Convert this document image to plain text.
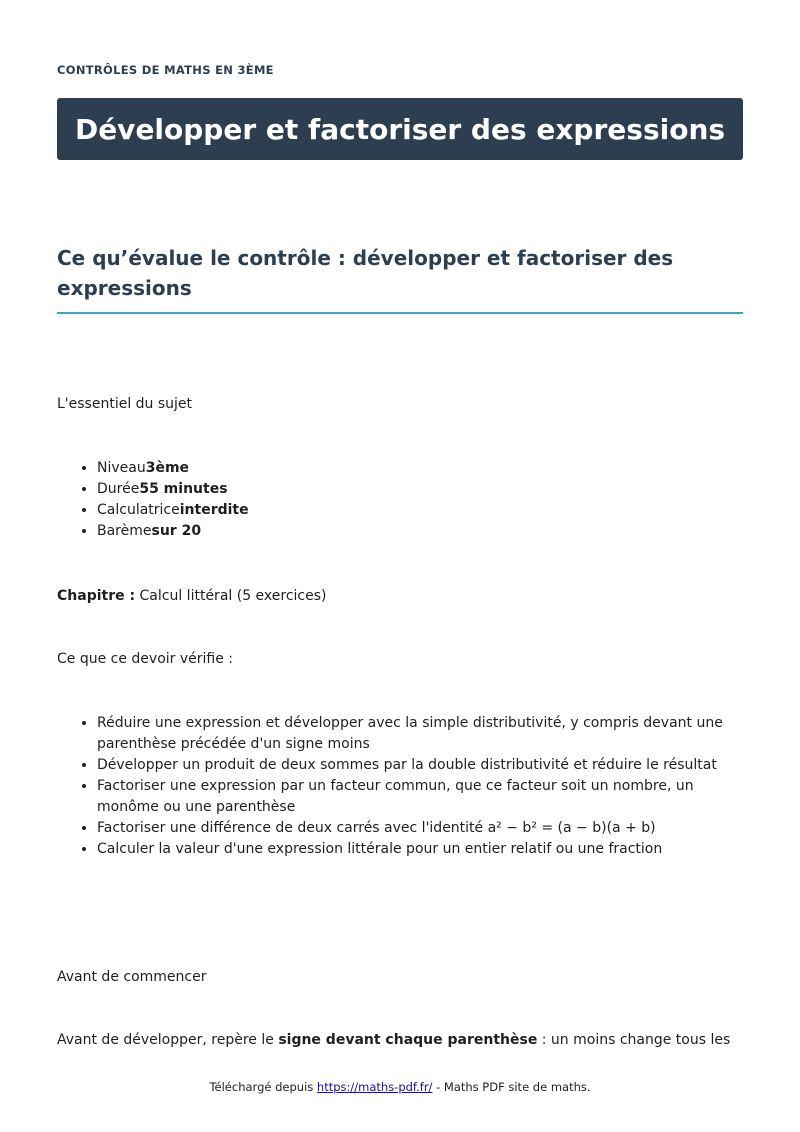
CONTRÔLES DE MATHS EN 3ÈME
Développer et factoriser des expressions
Ce qu’évalue le contrôle : développer et factoriser des expressions

L'essentiel du sujet

• Niveau3ème
• Durée55 minutes
• Calculatriceinterdite
• Barèmesur 20

Chapitre : Calcul littéral (5 exercices)

Ce que ce devoir vérifie :

• Réduire une expression et développer avec la simple distributivité, y compris devant une parenthèse précédée d'un signe moins
• Développer un produit de deux sommes par la double distributivité et réduire le résultat
• Factoriser une expression par un facteur commun, que ce facteur soit un nombre, un monôme ou une parenthèse
• Factoriser une différence de deux carrés avec l'identité a² − b² = (a − b)(a + b)
• Calculer la valeur d'une expression littérale pour un entier relatif ou une fraction

Avant de commencer

Avant de développer, repère le signe devant chaque parenthèse : un moins change tous les

Téléchargé depuis https://maths-pdf.fr/ - Maths PDF site de maths.
